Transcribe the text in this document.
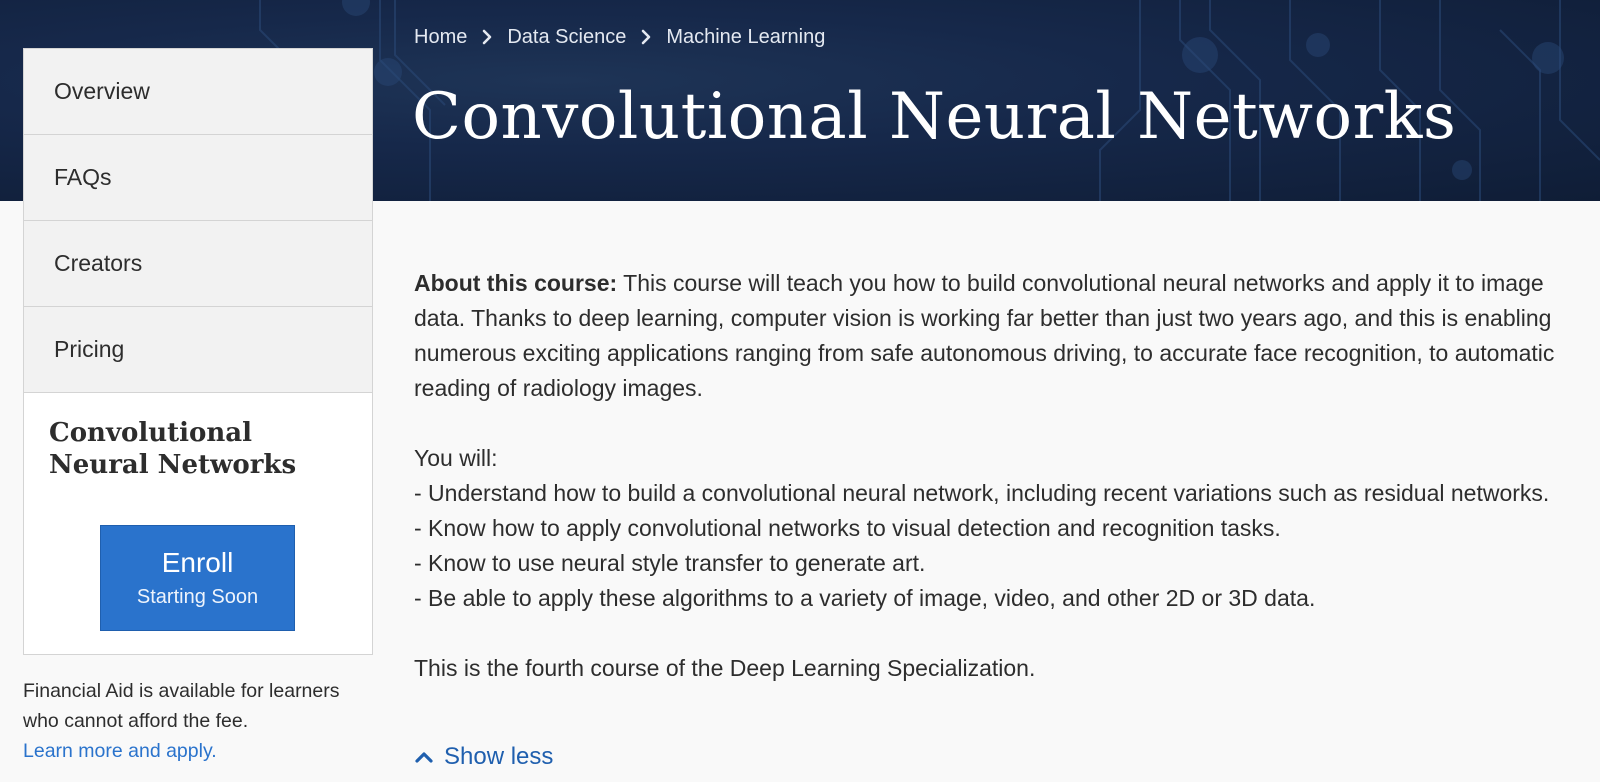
Home Data Science Machine Learning
Convolutional Neural Networks
Overview
FAQs
Creators
Pricing
Convolutional Neural Networks
Enroll
Starting Soon
Financial Aid is available for learners who cannot afford the fee.
Learn more and apply.

About this course: This course will teach you how to build convolutional neural networks and apply it to image data. Thanks to deep learning, computer vision is working far better than just two years ago, and this is enabling numerous exciting applications ranging from safe autonomous driving, to accurate face recognition, to automatic reading of radiology images.

You will:

- Understand how to build a convolutional neural network, including recent variations such as residual networks.

- Know how to apply convolutional networks to visual detection and recognition tasks.

- Know to use neural style transfer to generate art.

- Be able to apply these algorithms to a variety of image, video, and other 2D or 3D data.

This is the fourth course of the Deep Learning Specialization.

Show less
